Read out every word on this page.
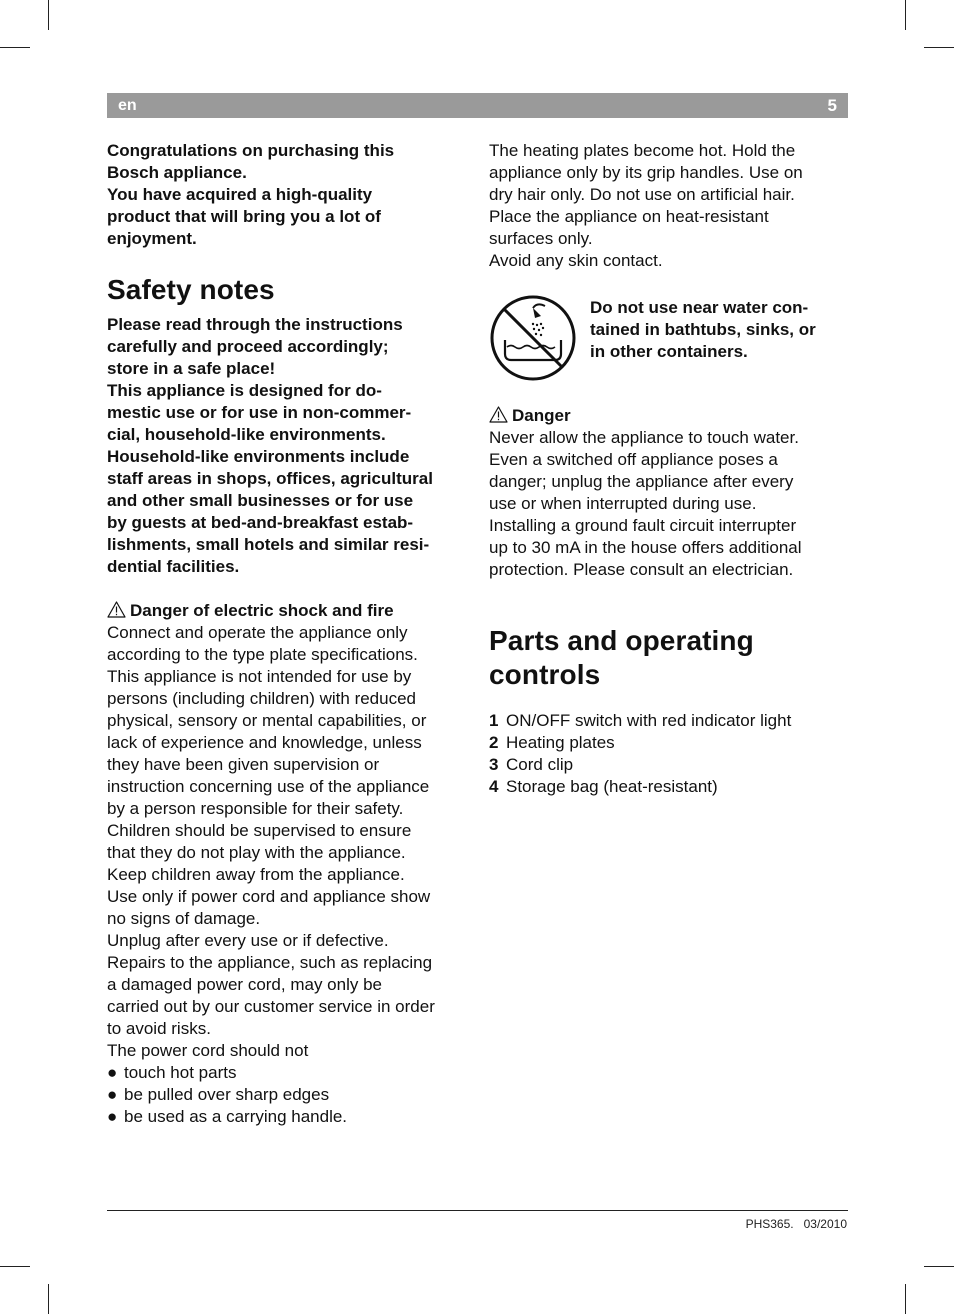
en	5

Congratulations on purchasing this
Bosch appliance.
You have acquired a high-quality
product that will bring you a lot of
enjoyment.

Safety notes

Please read through the instructions
carefully and proceed accordingly;
store in a safe place!
This appliance is designed for do-
mestic use or for use in non-commer-
cial, household-like environments.
Household-like environments include
staff areas in shops, offices, agricultural
and other small businesses or for use
by guests at bed-and-breakfast estab-
lishments, small hotels and similar resi-
dential facilities.

Danger of electric shock and fire

Connect and operate the appliance only
according to the type plate specifications.
This appliance is not intended for use by
persons (including children) with reduced
physical, sensory or mental capabilities, or
lack of experience and knowledge, unless
they have been given supervision or
instruction concerning use of the appliance
by a person responsible for their safety.
Children should be supervised to ensure
that they do not play with the appliance.
Keep children away from the appliance.
Use only if power cord and appliance show
no signs of damage.
Unplug after every use or if defective.
Repairs to the appliance, such as replacing
a damaged power cord, may only be
carried out by our customer service in order
to avoid risks.
The power cord should not

● touch hot parts
● be pulled over sharp edges
● be used as a carrying handle.

The heating plates become hot. Hold the
appliance only by its grip handles. Use on
dry hair only. Do not use on artificial hair.
Place the appliance on heat-resistant
surfaces only.
Avoid any skin contact.

Do not use near water con-
tained in bathtubs, sinks, or
in other containers.

Danger

Never allow the appliance to touch water.
Even a switched off appliance poses a
danger; unplug the appliance after every
use or when interrupted during use.
Installing a ground fault circuit interrupter
up to 30 mA in the house offers additional
protection. Please consult an electrician.

Parts and operating
controls
1 ON/OFF switch with red indicator light
2 Heating plates
3 Cord clip
4 Storage bag (heat-resistant)
PHS365. 03/2010
